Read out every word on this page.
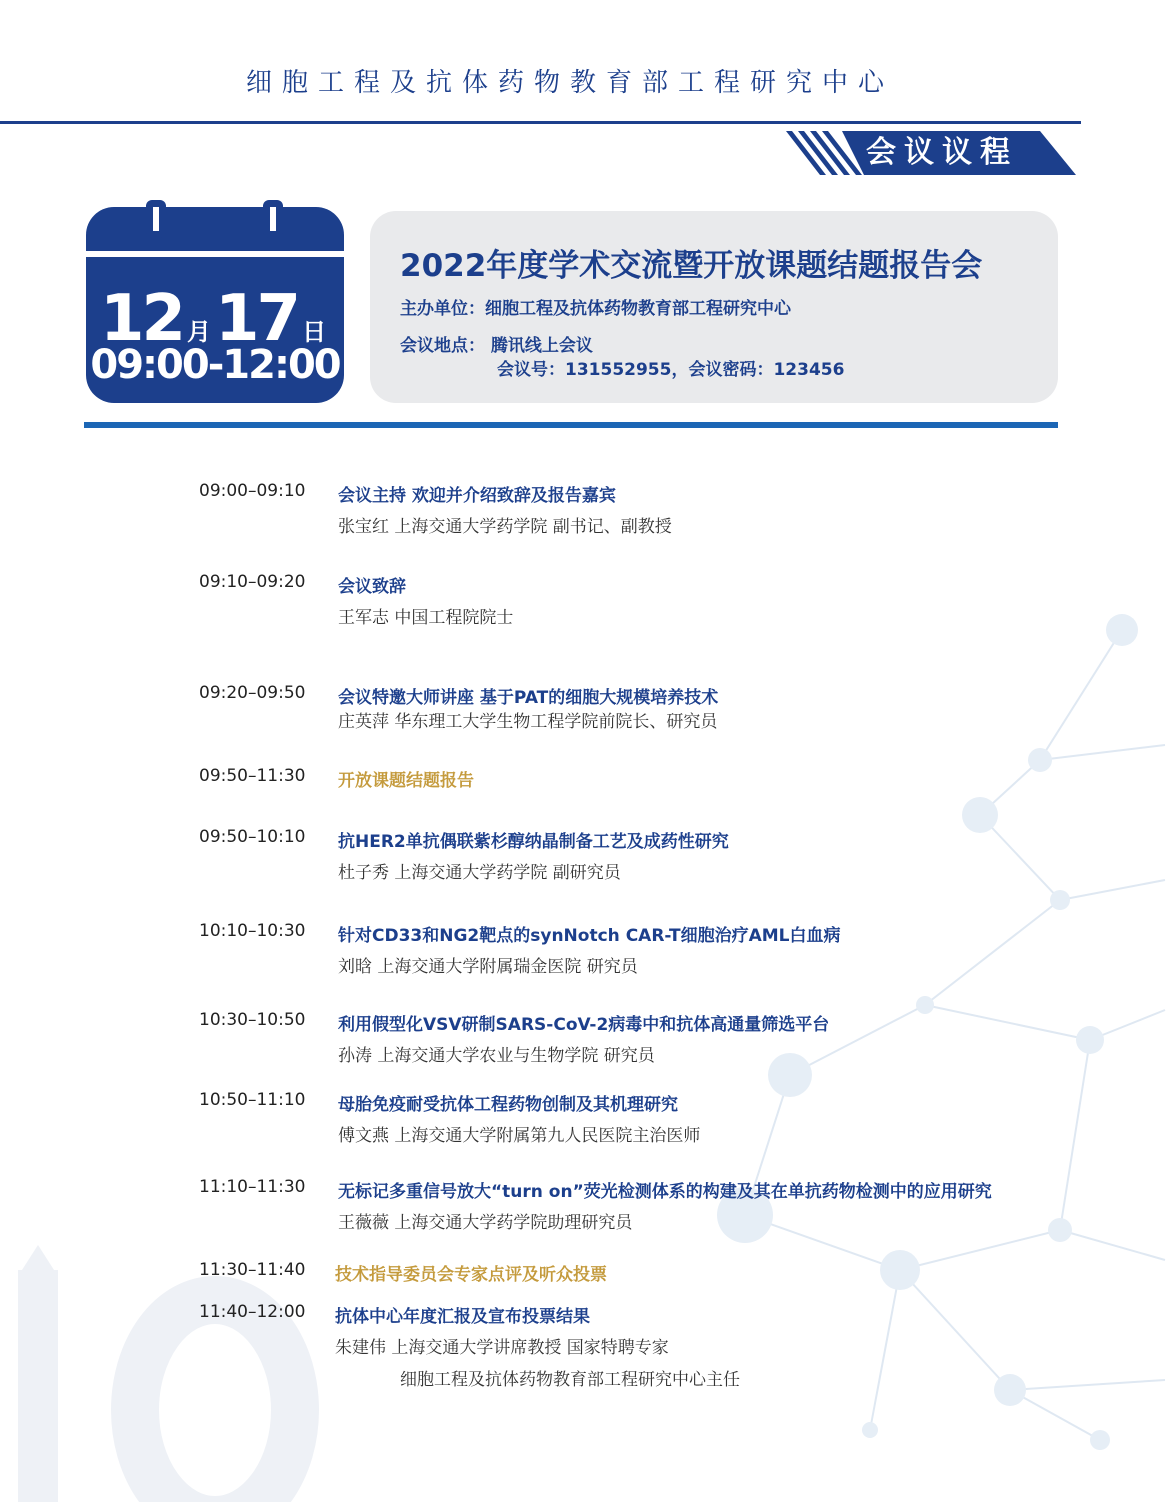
细胞工程及抗体药物教育部工程研究中心
会议议程
12 月17 日
09:00-12:00
2022年度学术交流暨开放课题结题报告会
主办单位：细胞工程及抗体药物教育部工程研究中心
会议地点： 腾讯线上会议
会议号：131552955，会议密码：123456
09:00–09:10 会议主持 欢迎并介绍致辞及报告嘉宾
张宝红 上海交通大学药学院 副书记、副教授
09:10–09:20 会议致辞
王军志 中国工程院院士
09:20–09:50 会议特邀大师讲座 基于PAT的细胞大规模培养技术
庄英萍 华东理工大学生物工程学院前院长、研究员
09:50–11:30 开放课题结题报告
09:50–10:10 抗HER2单抗偶联紫杉醇纳晶制备工艺及成药性研究
杜子秀 上海交通大学药学院 副研究员
10:10–10:30 针对CD33和NG2靶点的synNotch CAR-T细胞治疗AML白血病
刘晗 上海交通大学附属瑞金医院 研究员
10:30–10:50 利用假型化VSV研制SARS-CoV-2病毒中和抗体高通量筛选平台
孙涛 上海交通大学农业与生物学院 研究员
10:50–11:10 母胎免疫耐受抗体工程药物创制及其机理研究
傅文燕 上海交通大学附属第九人民医院主治医师
11:10–11:30 无标记多重信号放大“turn on”荧光检测体系的构建及其在单抗药物检测中的应用研究
王薇薇 上海交通大学药学院助理研究员
11:30–11:40 技术指导委员会专家点评及听众投票
11:40–12:00 抗体中心年度汇报及宣布投票结果
朱建伟 上海交通大学讲席教授 国家特聘专家
细胞工程及抗体药物教育部工程研究中心主任
